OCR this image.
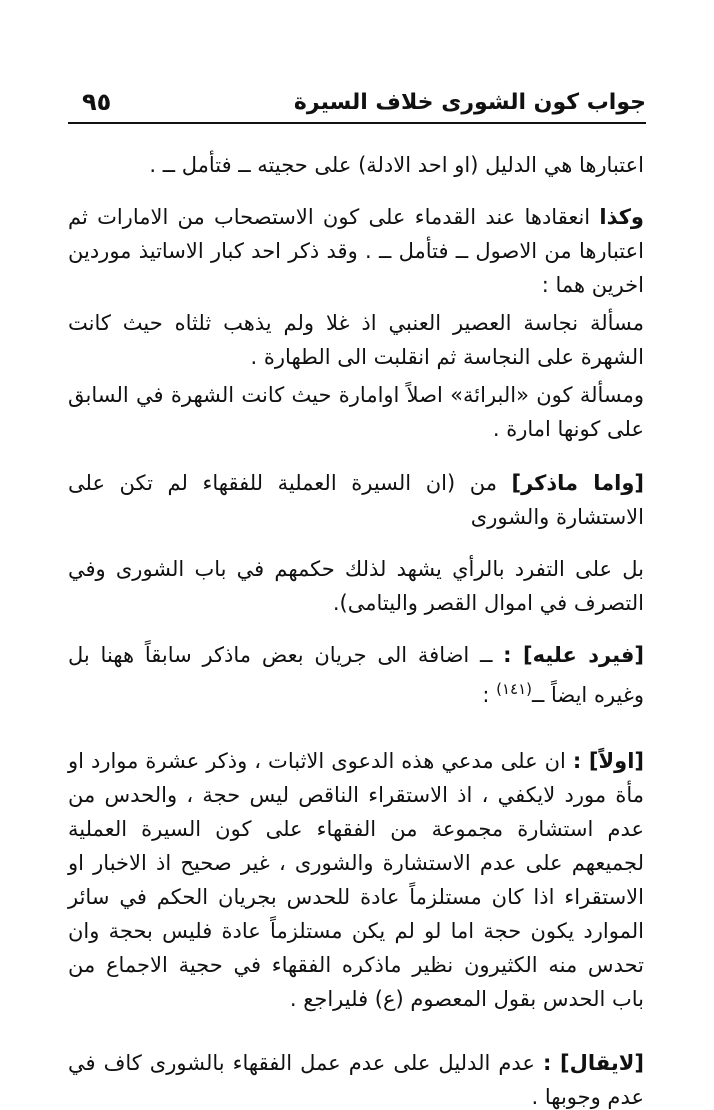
جواب كون الشورى خلاف السيرة
٩٥

اعتبارها هي الدليل (او احد الادلة) على حجيته ــ فتأمل ــ .

وكذا انعقادها عند القدماء على كون الاستصحاب من الامارات ثم اعتبارها من الاصول ــ فتأمل ــ . وقد ذكر احد كبار الاساتيذ موردين اخرين هما :

مسألة نجاسة العصير العنبي اذ غلا ولم يذهب ثلثاه حيث كانت الشهرة على النجاسة ثم انقلبت الى الطهارة .

ومسألة كون «البرائة» اصلاً اوامارة حيث كانت الشهرة في السابق على كونها امارة .

[واما ماذكر] من (ان السيرة العملية للفقهاء لم تكن على الاستشارة والشورى

بل على التفرد بالرأي يشهد لذلك حكمهم في باب الشورى وفي التصرف في اموال القصر واليتامى).

[فيرد عليه] : ــ اضافة الى جريان بعض ماذكر سابقاً ههنا بل وغيره ايضاً ــ$^{(١٤١)}$ :

[اولاً] : ان على مدعي هذه الدعوى الاثبات ، وذكر عشرة موارد او مأة مورد لايكفي ، اذ الاستقراء الناقص ليس حجة ، والحدس من عدم استشارة مجموعة من الفقهاء على كون السيرة العملية لجميعهم على عدم الاستشارة والشورى ، غير صحيح اذ الاخبار او الاستقراء اذا كان مستلزماً عادة للحدس بجريان الحكم في سائر الموارد يكون حجة اما لو لم يكن مستلزماً عادة فليس بحجة وان تحدس منه الكثيرون نظير ماذكره الفقهاء في حجية الاجماع من باب الحدس بقول المعصوم (ع) فليراجع .

[لايقال] : عدم الدليل على عدم عمل الفقهاء بالشورى كاف في عدم وجوبها .
